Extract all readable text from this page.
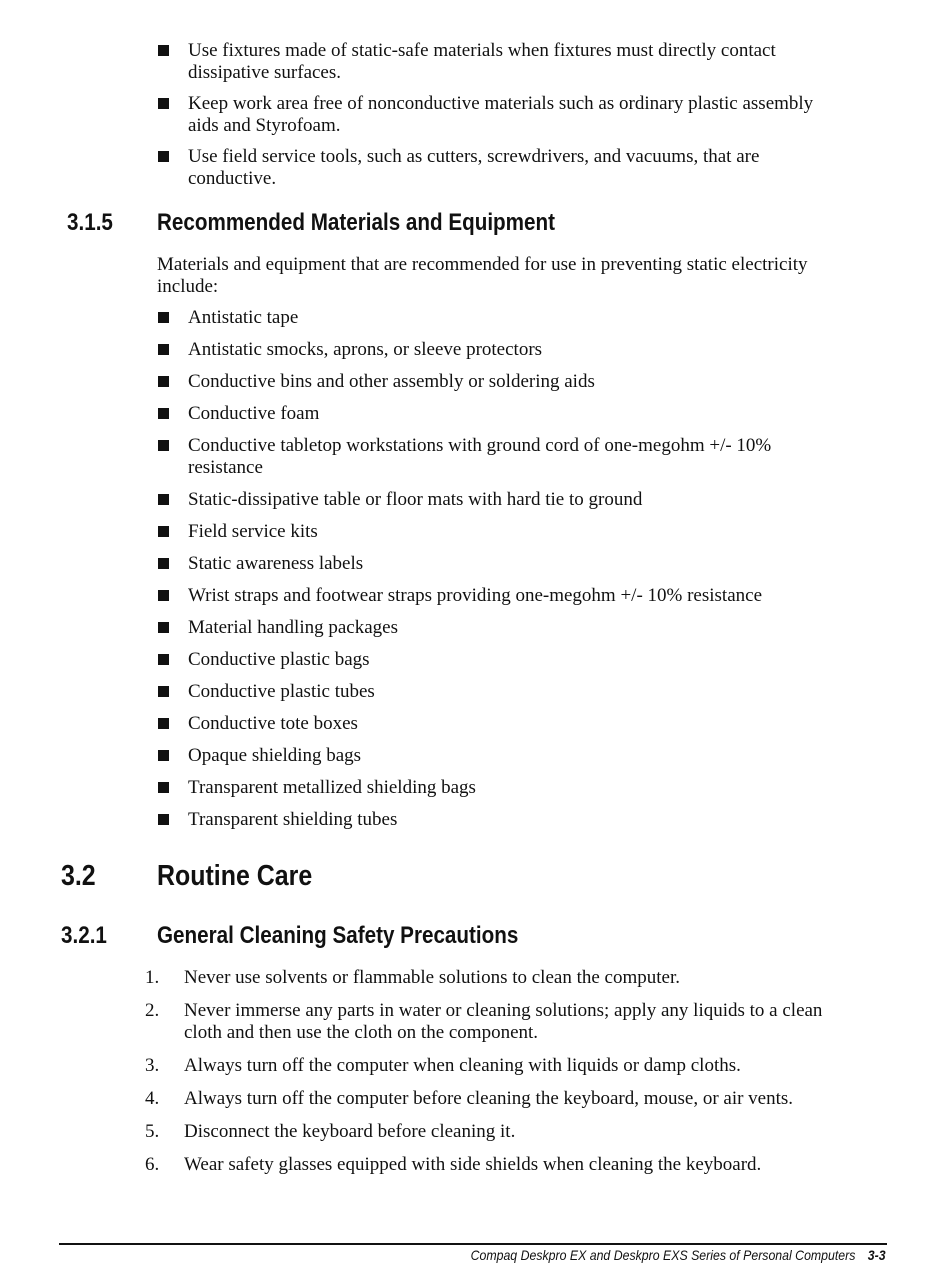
Use fixtures made of static-safe materials when fixtures must directly contact dissipative surfaces.
Keep work area free of nonconductive materials such as ordinary plastic assembly aids and Styrofoam.
Use field service tools, such as cutters, screwdrivers, and vacuums, that are conductive.
3.1.5 Recommended Materials and Equipment

Materials and equipment that are recommended for use in preventing static electricity include:

Antistatic tape
Antistatic smocks, aprons, or sleeve protectors
Conductive bins and other assembly or soldering aids
Conductive foam
Conductive tabletop workstations with ground cord of one-megohm +/- 10% resistance
Static-dissipative table or floor mats with hard tie to ground
Field service kits
Static awareness labels
Wrist straps and footwear straps providing one-megohm +/- 10% resistance
Material handling packages
Conductive plastic bags
Conductive plastic tubes
Conductive tote boxes
Opaque shielding bags
Transparent metallized shielding bags
Transparent shielding tubes
3.2 Routine Care
3.2.1 General Cleaning Safety Precautions
1. Never use solvents or flammable solutions to clean the computer.
2. Never immerse any parts in water or cleaning solutions; apply any liquids to a clean cloth and then use the cloth on the component.
3. Always turn off the computer when cleaning with liquids or damp cloths.
4. Always turn off the computer before cleaning the keyboard, mouse, or air vents.
5. Disconnect the keyboard before cleaning it.
6. Wear safety glasses equipped with side shields when cleaning the keyboard.
Compaq Deskpro EX and Deskpro EXS Series of Personal Computers 3-3
